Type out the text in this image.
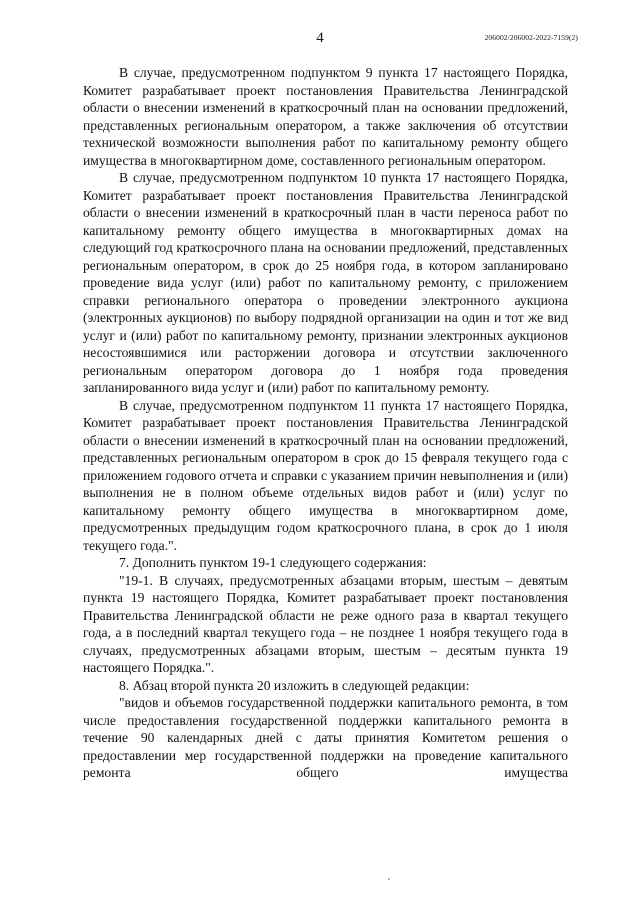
4	206002/206002-2022-7159(2)

В случае, предусмотренном подпунктом 9 пункта 17 настоящего Порядка, Комитет разрабатывает проект постановления Правительства Ленинградской области о внесении изменений в краткосрочный план на основании предложений, представленных региональным оператором, а также заключения об отсутствии технической возможности выполнения работ по капитальному ремонту общего имущества в многоквартирном доме, составленного региональным оператором.

В случае, предусмотренном подпунктом 10 пункта 17 настоящего Порядка, Комитет разрабатывает проект постановления Правительства Ленинградской области о внесении изменений в краткосрочный план в части переноса работ по капитальному ремонту общего имущества в многоквартирных домах на следующий год краткосрочного плана на основании предложений, представленных региональным оператором, в срок до 25 ноября года, в котором запланировано проведение вида услуг (или) работ по капитальному ремонту, с приложением справки регионального оператора о проведении электронного аукциона (электронных аукционов) по выбору подрядной организации на один и тот же вид услуг и (или) работ по капитальному ремонту, признании электронных аукционов несостоявшимися или расторжении договора и отсутствии заключенного региональным оператором договора до 1 ноября года проведения запланированного вида услуг и (или) работ по капитальному ремонту.

В случае, предусмотренном подпунктом 11 пункта 17 настоящего Порядка, Комитет разрабатывает проект постановления Правительства Ленинградской области о внесении изменений в краткосрочный план на основании предложений, представленных региональным оператором в срок до 15 февраля текущего года с приложением годового отчета и справки с указанием причин невыполнения и (или) выполнения не в полном объеме отдельных видов работ и (или) услуг по капитальному ремонту общего имущества в многоквартирном доме, предусмотренных предыдущим годом краткосрочного плана, в срок до 1 июля текущего года.".

7. Дополнить пунктом 19-1 следующего содержания:

"19-1. В случаях, предусмотренных абзацами вторым, шестым – девятым пункта 19 настоящего Порядка, Комитет разрабатывает проект постановления Правительства Ленинградской области не реже одного раза в квартал текущего года, а в последний квартал текущего года – не позднее 1 ноября текущего года в случаях, предусмотренных абзацами вторым, шестым – десятым пункта 19 настоящего Порядка.".

8. Абзац второй пункта 20 изложить в следующей редакции:

"видов и объемов государственной поддержки капитального ремонта, в том числе предоставления государственной поддержки капитального ремонта в течение 90 календарных дней с даты принятия Комитетом решения о предоставлении мер государственной поддержки на проведение капитального ремонта общего имущества
